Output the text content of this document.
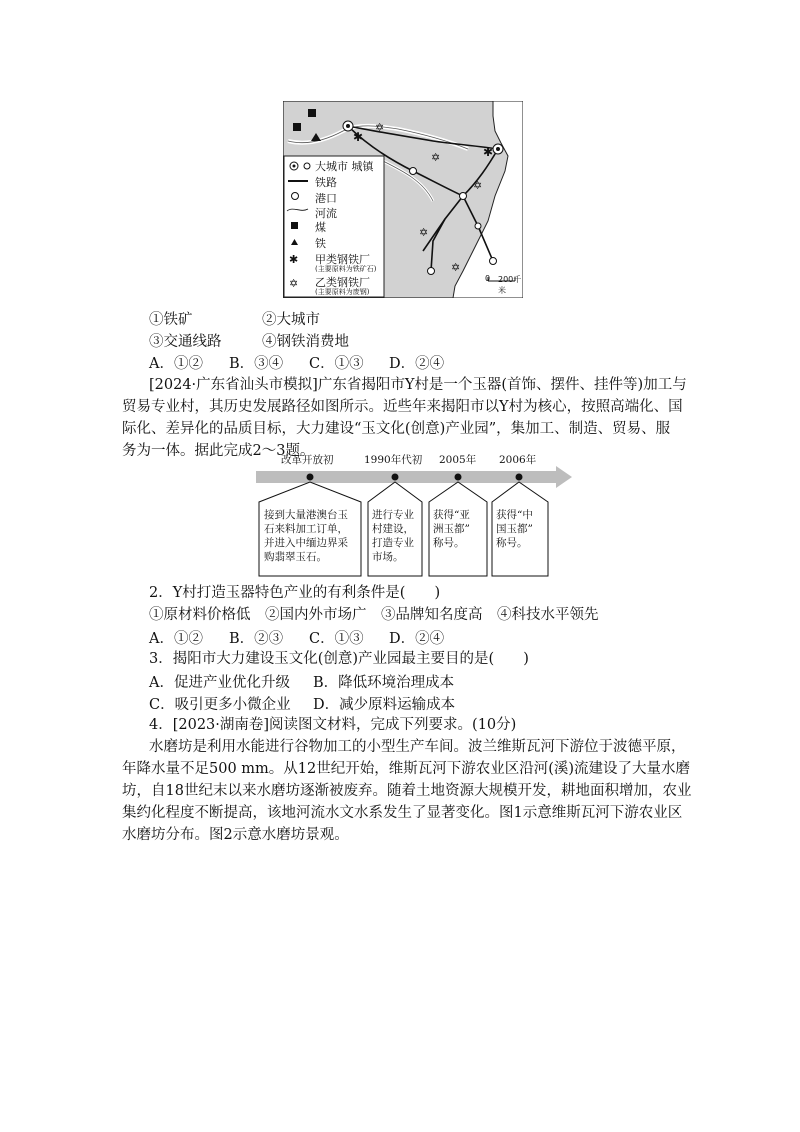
✱
✱
✡
✡
✡
✡
✡
✱
✡
大城市 城镇
铁路
港口
河流
煤
铁
甲类钢铁厂
(主要原料为铁矿石)
乙类钢铁厂
(主要原料为废钢)
0 200千米
①铁矿	②大城市
③交通线路	④钢铁消费地
A．①② B．③④ C．①③ D．②④
[2024·广东省汕头市模拟]广东省揭阳市Y村是一个玉器(首饰、摆件、挂件等)加工与
贸易专业村，其历史发展路径如图所示。近些年来揭阳市以Y村为核心，按照高端化、国
际化、差异化的品质目标，大力建设“玉文化(创意)产业园”，集加工、制造、贸易、服
务为一体。据此完成2～3题。
改革开放初	1990年代初 2005年 2006年
接到大量港澳台玉
石来料加工订单，
并进入中缅边界采
购翡翠玉石。
进行专业
村建设，
打造专业
市场。
获得“亚
洲玉都”
称号。
获得“中
国玉都”
称号。
2．Y村打造玉器特色产业的有利条件是(　　)
①原材料价格低　②国内外市场广　③品牌知名度高　④科技水平领先
A．①② B．②③ C．①③ D．②④
3．揭阳市大力建设玉文化(创意)产业园最主要目的是(　　)
A．促进产业优化升级 B．降低环境治理成本
C．吸引更多小微企业 D．减少原料运输成本
4．[2023·湖南卷]阅读图文材料，完成下列要求。(10分)
水磨坊是利用水能进行谷物加工的小型生产车间。波兰维斯瓦河下游位于波德平原，
年降水量不足500 mm。从12世纪开始，维斯瓦河下游农业区沿河(溪)流建设了大量水磨
坊，自18世纪末以来水磨坊逐渐被废弃。随着土地资源大规模开发，耕地面积增加，农业
集约化程度不断提高，该地河流水文水系发生了显著变化。图1示意维斯瓦河下游农业区
水磨坊分布。图2示意水磨坊景观。
